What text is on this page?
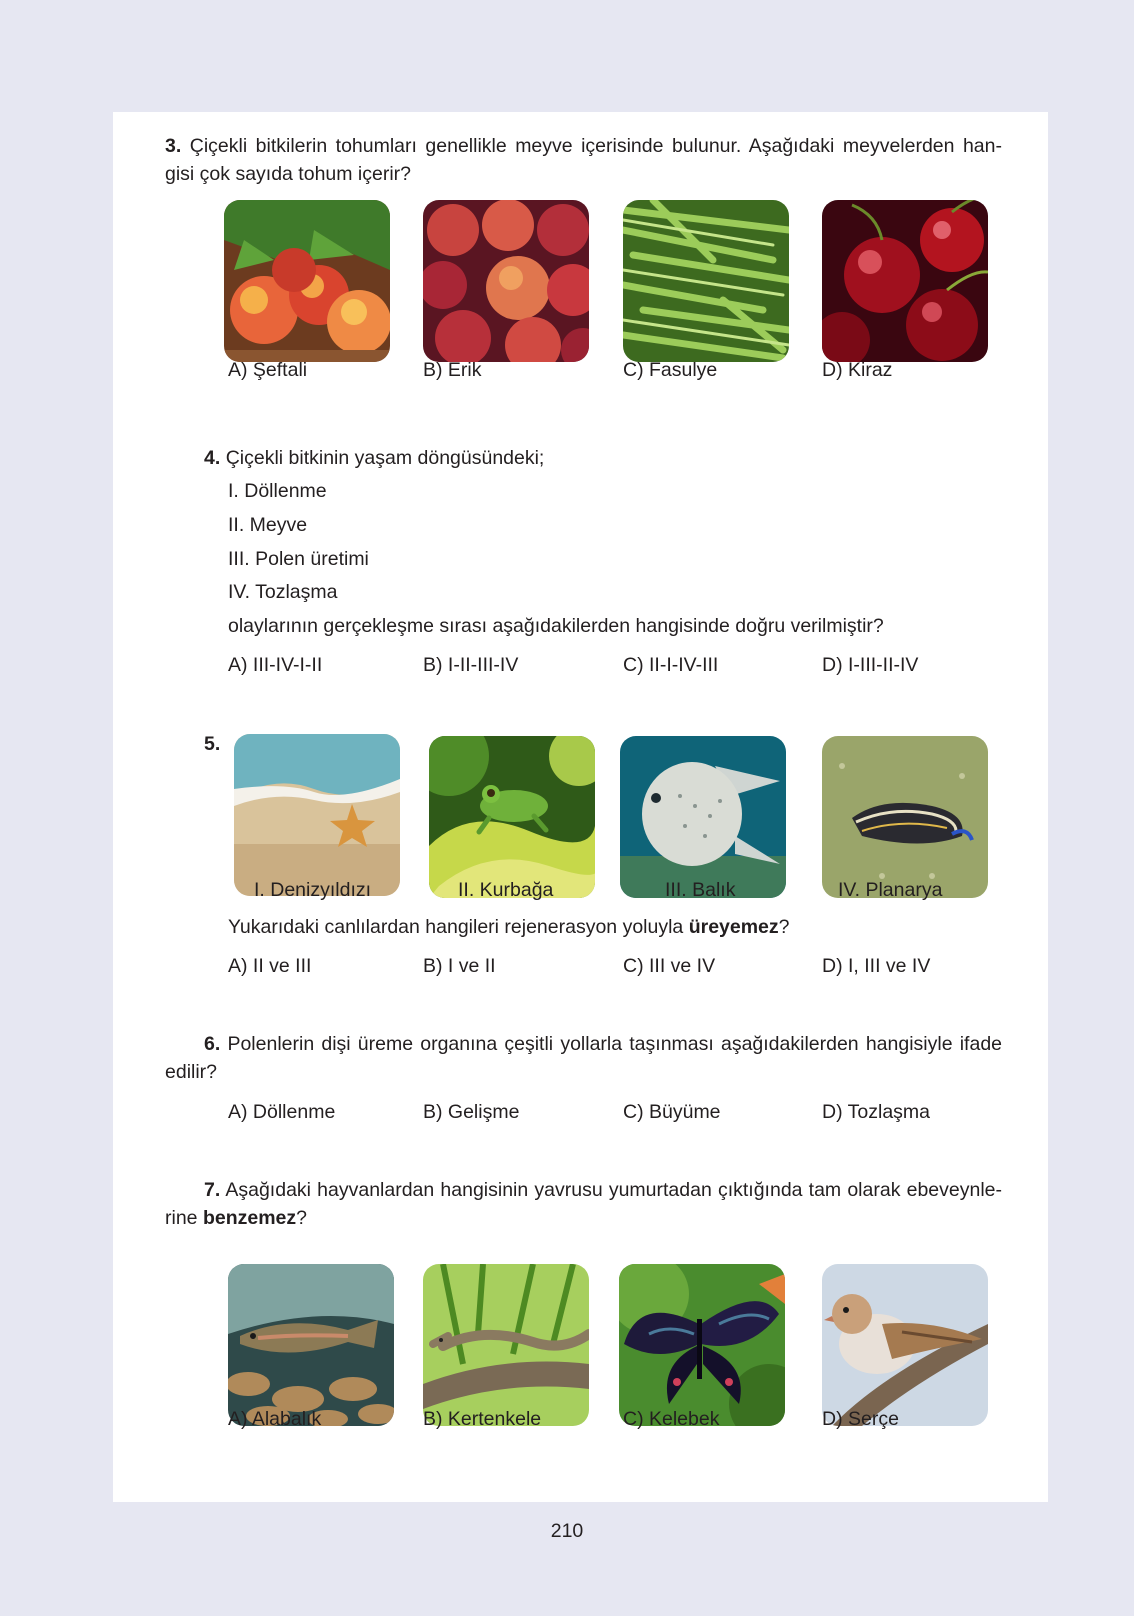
3. Çiçekli bitkilerin tohumları genellikle meyve içerisinde bulunur. Aşağıdaki meyvelerden han-
gisi çok sayıda tohum içerir?
A) Şeftali	B) Erik	C) Fasulye	D) Kiraz
4. Çiçekli bitkinin yaşam döngüsündeki;
I. Döllenme
II. Meyve
III. Polen üretimi
IV. Tozlaşma
olaylarının gerçekleşme sırası aşağıdakilerden hangisinde doğru verilmiştir?
A) III-IV-I-II	B) I-II-III-IV	C) II-I-IV-III	D) I-III-II-IV
5.
I. Denizyıldızı	II. Kurbağa	III. Balık	IV. Planarya
Yukarıdaki canlılardan hangileri rejenerasyon yoluyla üreyemez?
A) II ve III	B) I ve II	C) III ve IV	D) I, III ve IV
6. Polenlerin dişi üreme organına çeşitli yollarla taşınması aşağıdakilerden hangisiyle ifade
edilir?
A) Döllenme	B) Gelişme	C) Büyüme	D) Tozlaşma
7. Aşağıdaki hayvanlardan hangisinin yavrusu yumurtadan çıktığında tam olarak ebeveynle-
rine benzemez?
A) Alabalık	B) Kertenkele	C) Kelebek	D) Serçe
210
